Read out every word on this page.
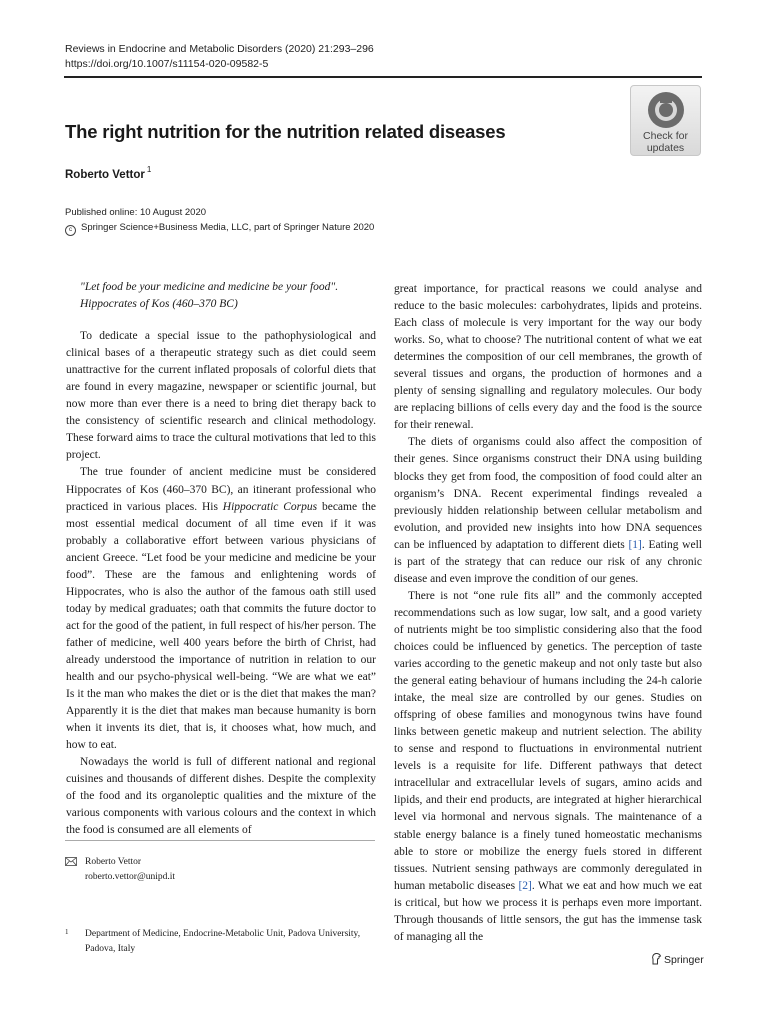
Reviews in Endocrine and Metabolic Disorders (2020) 21:293–296
https://doi.org/10.1007/s11154-020-09582-5
Check for
updates
The right nutrition for the nutrition related diseases
Roberto Vettor $^1$
Published online: 10 August 2020
c Springer Science+Business Media, LLC, part of Springer Nature 2020
"Let food be your medicine and medicine be your food".
Hippocrates of Kos (460–370 BC)

To dedicate a special issue to the pathophysiological and clinical bases of a therapeutic strategy such as diet could seem unattractive for the current inflated proposals of colorful diets that are found in every magazine, newspaper or scientific journal, but now more than ever there is a need to bring diet therapy back to the consistency of scientific research and clinical methodology. These forward aims to trace the cultural motivations that led to this project.

The true founder of ancient medicine must be considered Hippocrates of Kos (460–370 BC), an itinerant professional who practiced in various places. His Hippocratic Corpus became the most essential medical document of all time even if it was probably a collaborative effort between various physicians of ancient Greece. “Let food be your medicine and medicine be your food”. These are the famous and enlightening words of Hippocrates, who is also the author of the famous oath still used today by medical graduates; oath that commits the future doctor to act for the good of the patient, in full respect of his/her person. The father of medicine, well 400 years before the birth of Christ, had already understood the importance of nutrition in relation to our health and our psycho-physical well-being. “We are what we eat” Is it the man who makes the diet or is the diet that makes the man?Apparently it is the diet that makes man because humanity is born when it invents its diet, that is, it chooses what, how much, and how to eat.

Nowadays the world is full of different national and regional cuisines and thousands of different dishes. Despite the complexity of the food and its organoleptic qualities and the mixture of the various components with various colours and the context in which the food is consumed are all elements of

great importance, for practical reasons we could analyse and reduce to the basic molecules: carbohydrates, lipids and proteins. Each class of molecule is very important for the way our body works. So, what to choose? The nutritional content of what we eat determines the composition of our cell membranes, the growth of several tissues and organs, the production of hormones and a plenty of sensing signalling and regulatory molecules. Our body are replacing billions of cells every day and the food is the source for their renewal.

The diets of organisms could also affect the composition of their genes. Since organisms construct their DNA using building blocks they get from food, the composition of food could alter an organism’s DNA. Recent experimental findings revealed a previously hidden relationship between cellular metabolism and evolution, and provided new insights into how DNA sequences can be influenced by adaptation to different diets [1]. Eating well is part of the strategy that can reduce our risk of any chronic disease and even improve the condition of our genes.

There is not “one rule fits all” and the commonly accepted recommendations such as low sugar, low salt, and a good variety of nutrients might be too simplistic considering also that the food choices could be influenced by genetics. The perception of taste varies according to the genetic makeup and not only taste but also the general eating behaviour of humans including the 24-h calorie intake, the meal size are controlled by our genes. Studies on offspring of obese families and monogynous twins have found links between genetic makeup and nutrient selection. The ability to sense and respond to fluctuations in environmental nutrient levels is a requisite for life. Different pathways that detect intracellular and extracellular levels of sugars, amino acids and lipids, and their end products, are integrated at higher hierarchical level via hormonal and nervous signals. The maintenance of a stable energy balance is a finely tuned homeostatic mechanisms able to store or mobilize the energy fuels stored in different tissues. Nutrient sensing pathways are commonly deregulated in human metabolic diseases [2]. What we eat and how much we eat is critical, but how we process it is perhaps even more important. Through thousands of little sensors, the gut has the immense task of managing all the

Roberto Vettor
roberto.vettor@unipd.it
1 Department of Medicine, Endocrine-Metabolic Unit, Padova University, Padova, Italy
Springer
